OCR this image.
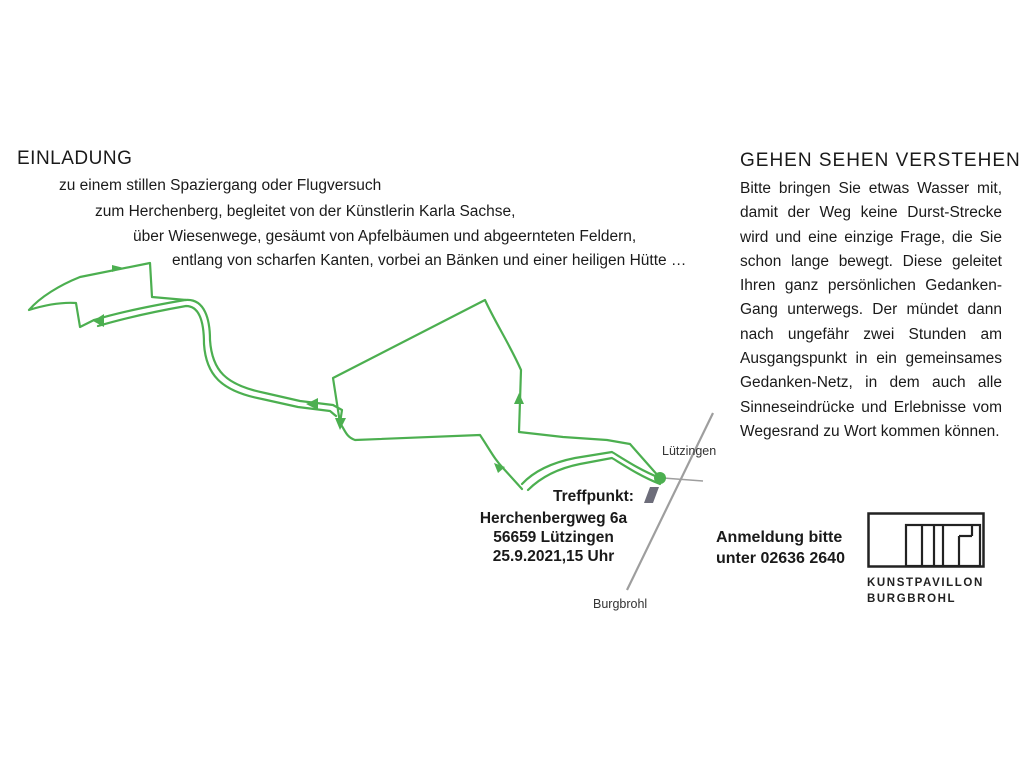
EINLADUNG
zu einem stillen Spaziergang oder Flugversuch
zum Herchenberg, begleitet von der Künstlerin Karla Sachse,
über Wiesenwege, gesäumt von Apfelbäumen und abgeernteten Feldern,
entlang von scharfen Kanten, vorbei an Bänken und einer heiligen Hütte …
GEHEN SEHEN VERSTEHEN
Bitte bringen Sie etwas Wasser mit,
damit der Weg keine Durst-Strecke
wird und eine einzige Frage, die Sie
schon lange bewegt. Diese geleitet
Ihren ganz persönlichen Gedanken-
Gang unterwegs. Der mündet dann
nach ungefähr zwei Stunden am
Ausgangspunkt in ein gemeinsames
Gedanken-Netz, in dem auch alle
Sinneseindrücke und Erlebnisse vom
Wegesrand zu Wort kommen können.
Lützingen
Burgbrohl
Treffpunkt:
Herchenbergweg 6a
56659 Lützingen
25.9.2021,15 Uhr
Anmeldung bitte
unter 02636 2640
KUNSTPAVILLON
BURGBROHL
